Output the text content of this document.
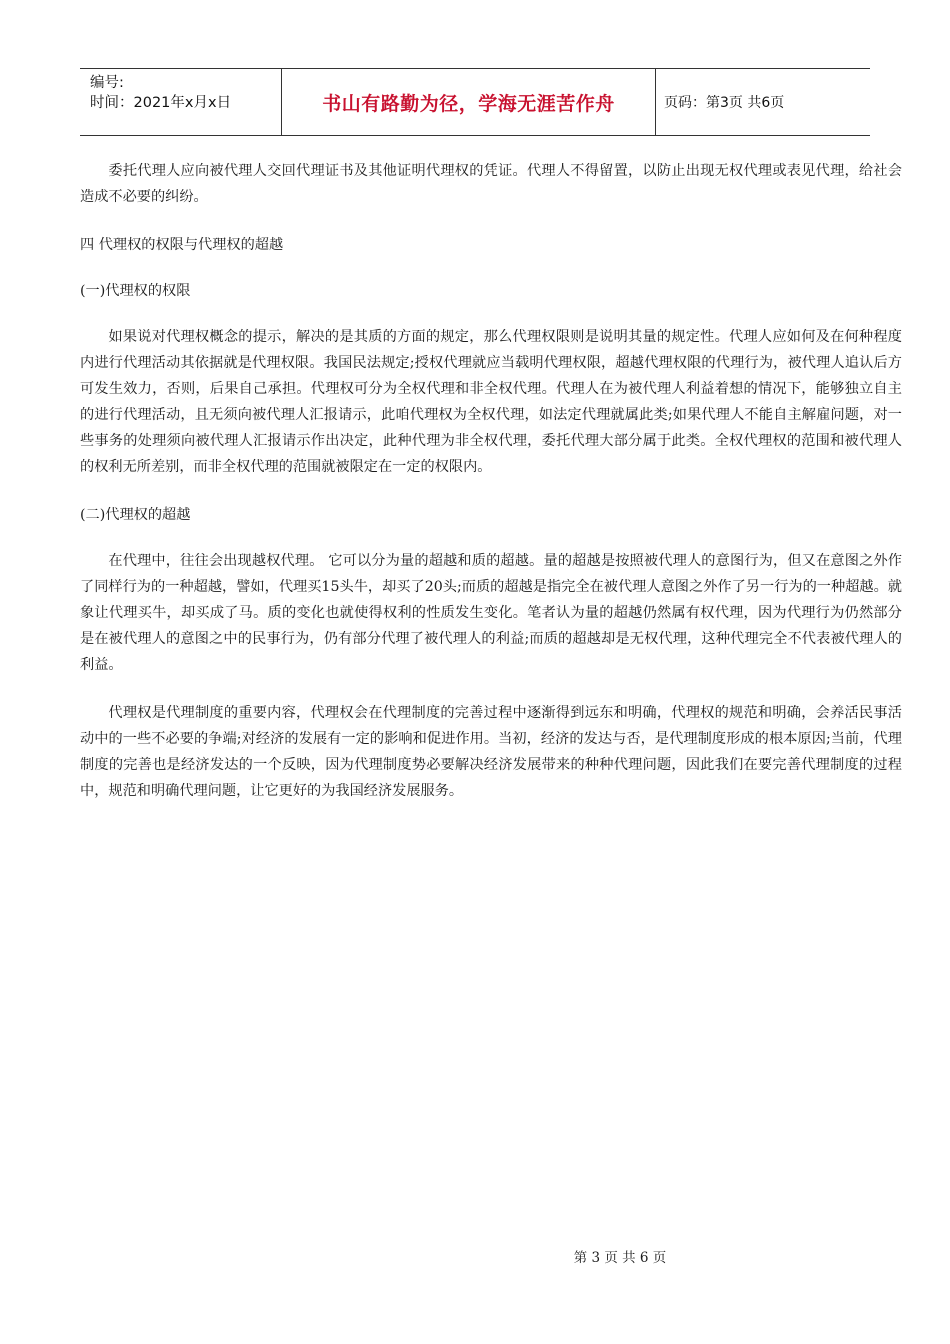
编号:
时间：2021年x月x日	书山有路勤为径，学海无涯苦作舟	页码：第3页 共6页

委托代理人应向被代理人交回代理证书及其他证明代理权的凭证。代理人不得留置，以防止出现无权代理或表见代理，给社会造成不必要的纠纷。

四 代理权的权限与代理权的超越

(一)代理权的权限

如果说对代理权概念的提示，解决的是其质的方面的规定，那么代理权限则是说明其量的规定性。代理人应如何及在何种程度内进行代理活动其依据就是代理权限。我国民法规定;授权代理就应当载明代理权限，超越代理权限的代理行为，被代理人追认后方可发生效力，否则，后果自己承担。代理权可分为全权代理和非全权代理。代理人在为被代理人利益着想的情况下，能够独立自主的进行代理活动，且无须向被代理人汇报请示，此咱代理权为全权代理，如法定代理就属此类;如果代理人不能自主解雇问题，对一些事务的处理须向被代理人汇报请示作出决定，此种代理为非全权代理，委托代理大部分属于此类。全权代理权的范围和被代理人的权利无所差别，而非全权代理的范围就被限定在一定的权限内。

(二)代理权的超越

在代理中，往往会出现越权代理。 它可以分为量的超越和质的超越。量的超越是按照被代理人的意图行为，但又在意图之外作了同样行为的一种超越，譬如，代理买15头牛，却买了20头;而质的超越是指完全在被代理人意图之外作了另一行为的一种超越。就象让代理买牛，却买成了马。质的变化也就使得权利的性质发生变化。笔者认为量的超越仍然属有权代理，因为代理行为仍然部分是在被代理人的意图之中的民事行为，仍有部分代理了被代理人的利益;而质的超越却是无权代理，这种代理完全不代表被代理人的利益。

代理权是代理制度的重要内容，代理权会在代理制度的完善过程中逐渐得到远东和明确，代理权的规范和明确，会养活民事活动中的一些不必要的争端;对经济的发展有一定的影响和促进作用。当初，经济的发达与否，是代理制度形成的根本原因;当前，代理制度的完善也是经济发达的一个反映，因为代理制度势必要解决经济发展带来的种种代理问题，因此我们在要完善代理制度的过程中，规范和明确代理问题，让它更好的为我国经济发展服务。

第 3 页 共 6 页
